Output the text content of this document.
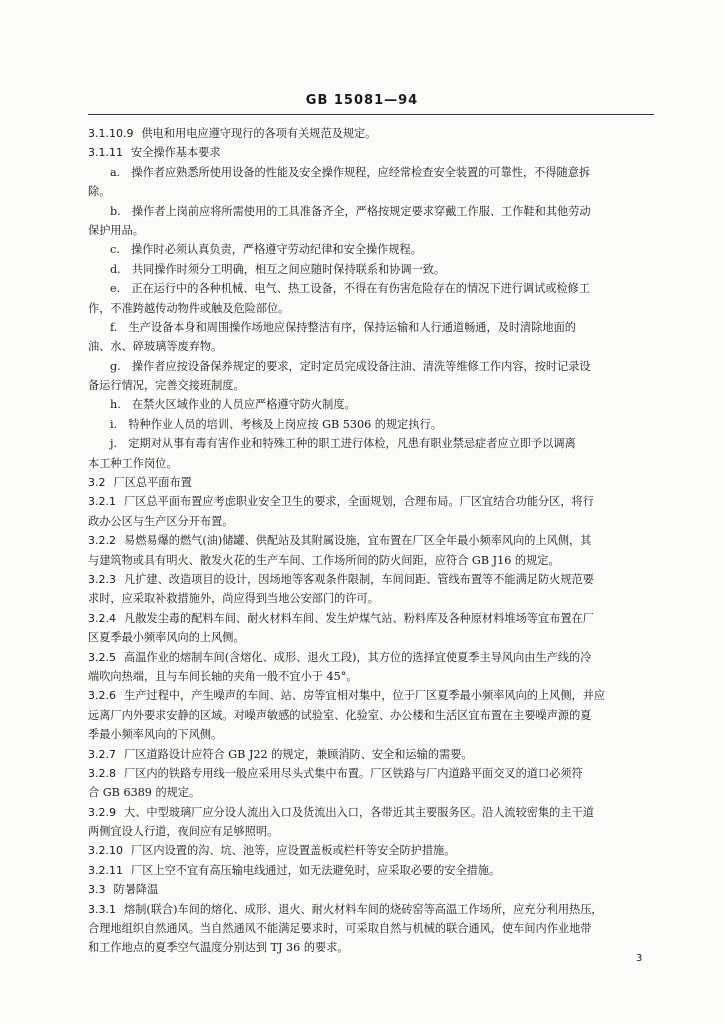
GB 15081—94
3.1.10.9 供电和用电应遵守现行的各项有关规范及规定。
3.1.11 安全操作基本要求
a.　操作者应熟悉所使用设备的性能及安全操作规程，应经常检查安全装置的可靠性，不得随意拆
除。
b.　操作者上岗前应将所需使用的工具准备齐全，严格按规定要求穿戴工作服、工作鞋和其他劳动
保护用品。
c.　操作时必须认真负责，严格遵守劳动纪律和安全操作规程。
d.　共同操作时须分工明确，相互之间应随时保持联系和协调一致。
e.　正在运行中的各种机械、电气、热工设备，不得在有伤害危险存在的情况下进行调试或检修工
作，不准跨越传动物件或触及危险部位。
f.　生产设备本身和周围操作场地应保持整洁有序，保持运输和人行通道畅通，及时清除地面的
油、水、碎玻璃等废弃物。
g.　操作者应按设备保养规定的要求，定时定员完成设备注油、清洗等维修工作内容，按时记录设
备运行情况，完善交接班制度。
h.　在禁火区域作业的人员应严格遵守防火制度。
i.　特种作业人员的培训、考核及上岗应按 GB 5306 的规定执行。
j.　定期对从事有毒有害作业和特殊工种的职工进行体检，凡患有职业禁忌症者应立即予以调离
本工种工作岗位。
3.2 厂区总平面布置
3.2.1 厂区总平面布置应考虑职业安全卫生的要求，全面规划，合理布局。厂区宜结合功能分区，将行
政办公区与生产区分开布置。
3.2.2 易燃易爆的燃气(油)储罐、供配站及其附属设施，宜布置在厂区全年最小频率风向的上风侧，其
与建筑物或具有明火、散发火花的生产车间、工作场所间的防火间距，应符合 GB J16 的规定。
3.2.3 凡扩建、改造项目的设计，因场地等客观条件限制，车间间距、管线布置等不能满足防火规范要
求时，应采取补救措施外，尚应得到当地公安部门的许可。
3.2.4 凡散发尘毒的配料车间、耐火材料车间、发生炉煤气站、粉料库及各种原材料堆场等宜布置在厂
区夏季最小频率风向的上风侧。
3.2.5 高温作业的熔制车间(含熔化、成形、退火工段)，其方位的选择宜使夏季主导风向由生产线的冷
端吹向热端，且与车间长轴的夹角一般不宜小于 45°。
3.2.6 生产过程中，产生噪声的车间、站、房等宜相对集中，位于厂区夏季最小频率风向的上风侧，并应
远离厂内外要求安静的区域。对噪声敏感的试验室、化验室、办公楼和生活区宜布置在主要噪声源的夏
季最小频率风向的下风侧。
3.2.7 厂区道路设计应符合 GB J22 的规定，兼顾消防、安全和运输的需要。
3.2.8 厂区内的铁路专用线一般应采用尽头式集中布置。厂区铁路与厂内道路平面交叉的道口必须符
合 GB 6389 的规定。
3.2.9 大、中型玻璃厂应分设人流出入口及货流出入口，各带近其主要服务区。沿人流较密集的主干道
两侧宜设人行道，夜间应有足够照明。
3.2.10 厂区内设置的沟、坑、池等，应设置盖板或栏杆等安全防护措施。
3.2.11 厂区上空不宜有高压输电线通过，如无法避免时，应采取必要的安全措施。
3.3 防暑降温
3.3.1 熔制(联合)车间的熔化、成形、退火、耐火材料车间的烧砖窑等高温工作场所，应充分利用热压，
合理地组织自然通风。当自然通风不能满足要求时，可采取自然与机械的联合通风，使车间内作业地带
和工作地点的夏季空气温度分别达到 TJ 36 的要求。
3
